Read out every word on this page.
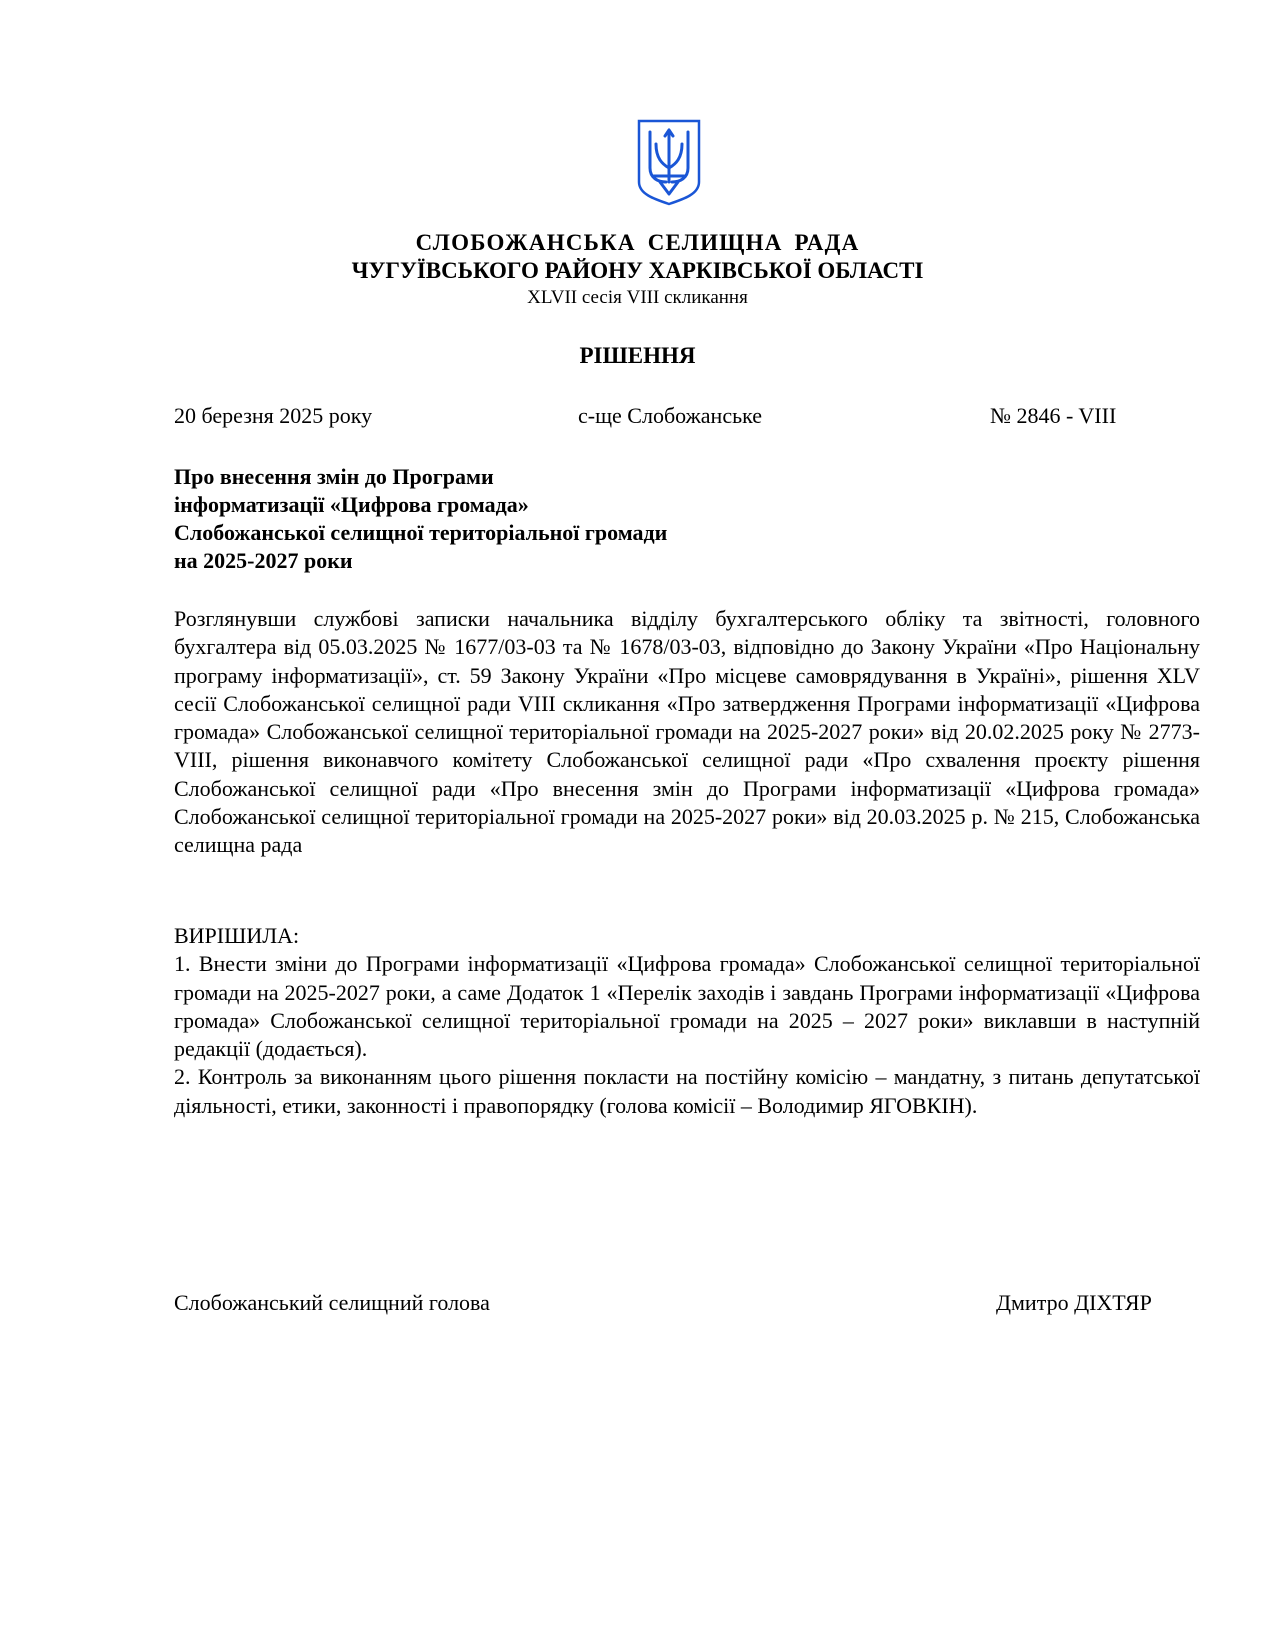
СЛОБОЖАНСЬКА СЕЛИЩНА РАДА
ЧУГУЇВСЬКОГО РАЙОНУ ХАРКІВСЬКОЇ ОБЛАСТІ
XLVII сесія VIII скликання
РІШЕННЯ
20 березня 2025 року	с-ще Слобожанське	№ 2846 - VIII
Про внесення змін до Програми
інформатизації «Цифрова громада»
Слобожанської селищної територіальної громади
на 2025-2027 роки
Розглянувши службові записки начальника відділу бухгалтерського обліку та звітності, головного бухгалтера від 05.03.2025 № 1677/03-03 та № 1678/03-03, відповідно до Закону України «Про Національну програму інформатизації», ст. 59 Закону України «Про місцеве самоврядування в Україні», рішення XLV сесії Слобожанської селищної ради VIII скликання «Про затвердження Програми інформатизації «Цифрова громада» Слобожанської селищної територіальної громади на 2025-2027 роки» від 20.02.2025 року № 2773-VIII, рішення виконавчого комітету Слобожанської селищної ради «Про схвалення проєкту рішення Слобожанської селищної ради «Про внесення змін до Програми інформатизації «Цифрова громада» Слобожанської селищної територіальної громади на 2025-2027 роки» від 20.03.2025 р. № 215, Слобожанська селищна рада
ВИРІШИЛА:
1. Внести зміни до Програми інформатизації «Цифрова громада» Слобожанської селищної територіальної громади на 2025-2027 роки, а саме Додаток 1 «Перелік заходів і завдань Програми інформатизації «Цифрова громада» Слобожанської селищної територіальної громади на 2025 – 2027 роки» виклавши в наступній редакції (додається).
2. Контроль за виконанням цього рішення покласти на постійну комісію – мандатну, з питань депутатської діяльності, етики, законності і правопорядку (голова комісії – Володимир ЯГОВКІН).
Слобожанський селищний голова	Дмитро ДІХТЯР
